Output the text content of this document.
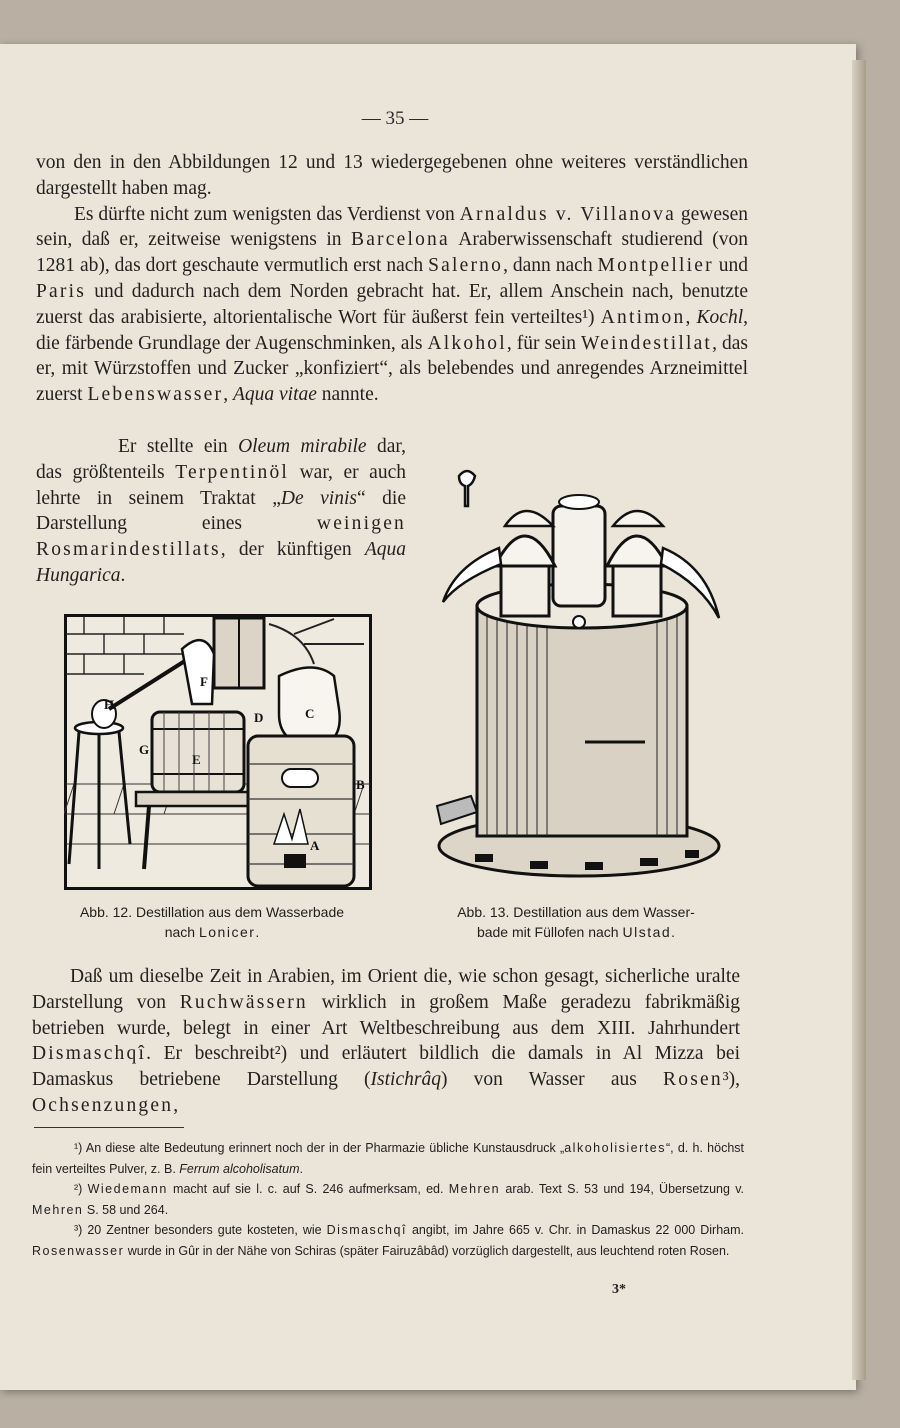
— 35 —

von den in den Abbildungen 12 und 13 wiedergegebenen ohne weiteres verständlichen dargestellt haben mag.

Es dürfte nicht zum wenigsten das Verdienst von Arnaldus v. Villanova gewesen sein, daß er, zeitweise wenigstens in Barcelona Araberwissenschaft studierend (von 1281 ab), das dort geschaute vermutlich erst nach Salerno, dann nach Montpellier und Paris und dadurch nach dem Norden gebracht hat. Er, allem Anschein nach, benutzte zuerst das arabisierte, altorientalische Wort für äußerst fein verteiltes¹) Antimon, Kochl, die färbende Grundlage der Augenschminken, als Alkohol, für sein Weindestillat, das er, mit Würzstoffen und Zucker „konfiziert“, als belebendes und anregendes Arzneimittel zuerst Lebenswasser, Aqua vitae nannte.

Er stellte ein Oleum mirabile dar, das größtenteils Terpentinöl war, er auch lehrte in seinem Traktat „De vinis“ die Darstellung eines weinigen Rosmarindestillats, der künftigen Aqua Hungarica.

F
H
G
E
D	C
B
A
Abb. 12. Destillation aus dem Wasserbade
nach Lonicer.
Abb. 13. Destillation aus dem Wasser-
bade mit Füllofen nach Ulstad.

Daß um dieselbe Zeit in Arabien, im Orient die, wie schon gesagt, sicherliche uralte Darstellung von Ruchwässern wirklich in großem Maße geradezu fabrikmäßig betrieben wurde, belegt in einer Art Weltbeschreibung aus dem XIII. Jahrhundert Dismaschqî. Er beschreibt²) und erläutert bildlich die damals in Al Mizza bei Damaskus betriebene Darstellung (Istichrâq) von Wasser aus Rosen³), Ochsenzungen,

¹) An diese alte Bedeutung erinnert noch der in der Pharmazie übliche Kunstausdruck „alkoholisiertes“, d. h. höchst fein verteiltes Pulver, z. B. Ferrum alcoholisatum.

²) Wiedemann macht auf sie l. c. auf S. 246 aufmerksam, ed. Mehren arab. Text S. 53 und 194, Übersetzung v. Mehren S. 58 und 264.

³) 20 Zentner besonders gute kosteten, wie Dismaschqî angibt, im Jahre 665 v. Chr. in Damaskus 22 000 Dirham. Rosenwasser wurde in Gûr in der Nähe von Schiras (später Fairuzâbâd) vorzüglich dargestellt, aus leuchtend roten Rosen.

3*
